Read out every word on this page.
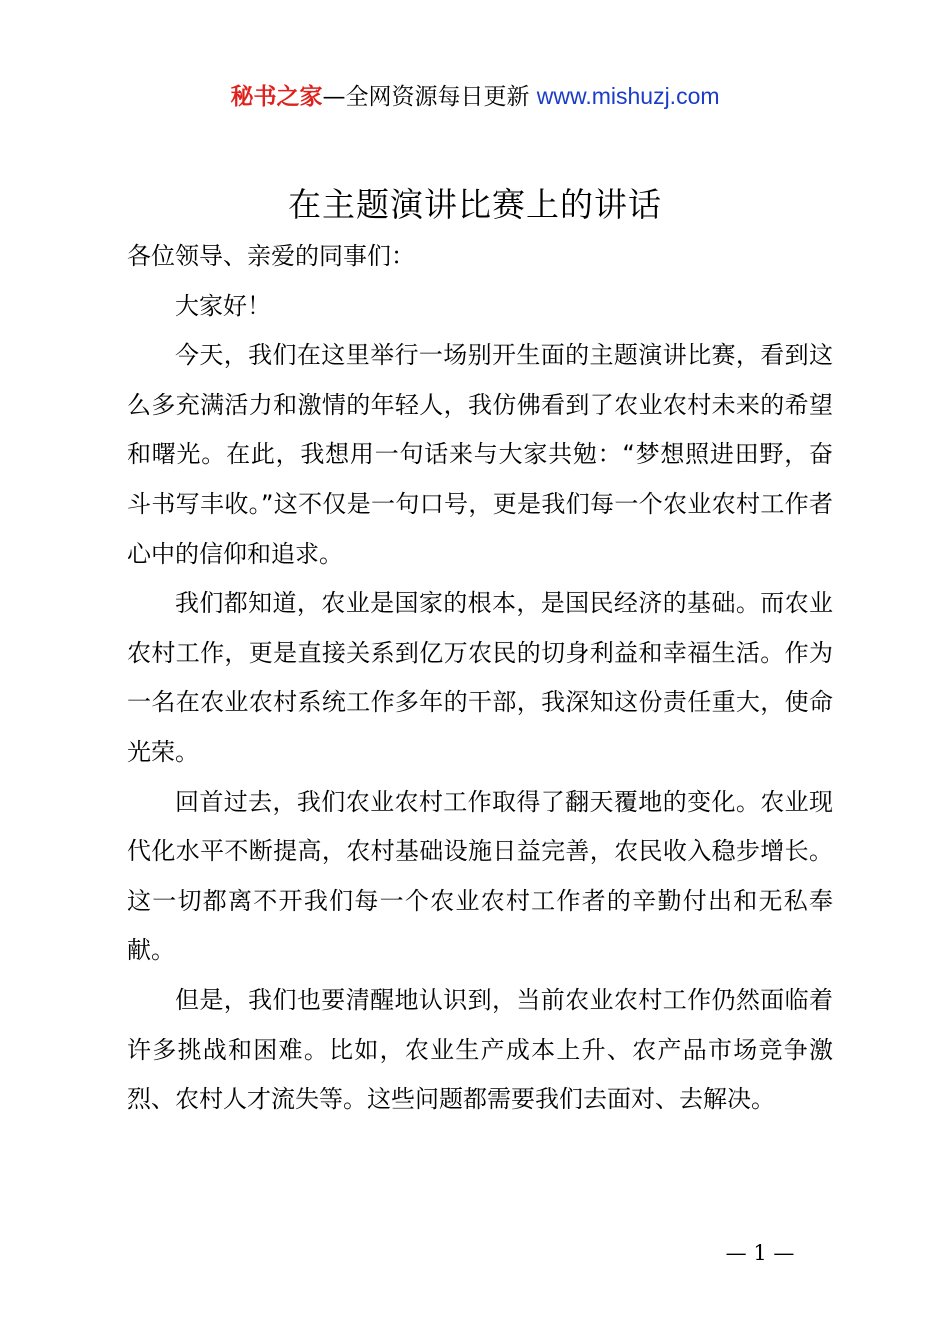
秘书之家—全网资源每日更新 www.mishuzj.com
在主题演讲比赛上的讲话

各位领导、亲爱的同事们：

大家好！

今天，我们在这里举行一场别开生面的主题演讲比赛，看到这么多充满活力和激情的年轻人，我仿佛看到了农业农村未来的希望和曙光。在此，我想用一句话来与大家共勉：“梦想照进田野，奋斗书写丰收。”这不仅是一句口号，更是我们每一个农业农村工作者心中的信仰和追求。

我们都知道，农业是国家的根本，是国民经济的基础。而农业农村工作，更是直接关系到亿万农民的切身利益和幸福生活。作为一名在农业农村系统工作多年的干部，我深知这份责任重大，使命光荣。

回首过去，我们农业农村工作取得了翻天覆地的变化。农业现代化水平不断提高，农村基础设施日益完善，农民收入稳步增长。这一切都离不开我们每一个农业农村工作者的辛勤付出和无私奉献。

但是，我们也要清醒地认识到，当前农业农村工作仍然面临着许多挑战和困难。比如，农业生产成本上升、农产品市场竞争激烈、农村人才流失等。这些问题都需要我们去面对、去解决。

— 1 —
